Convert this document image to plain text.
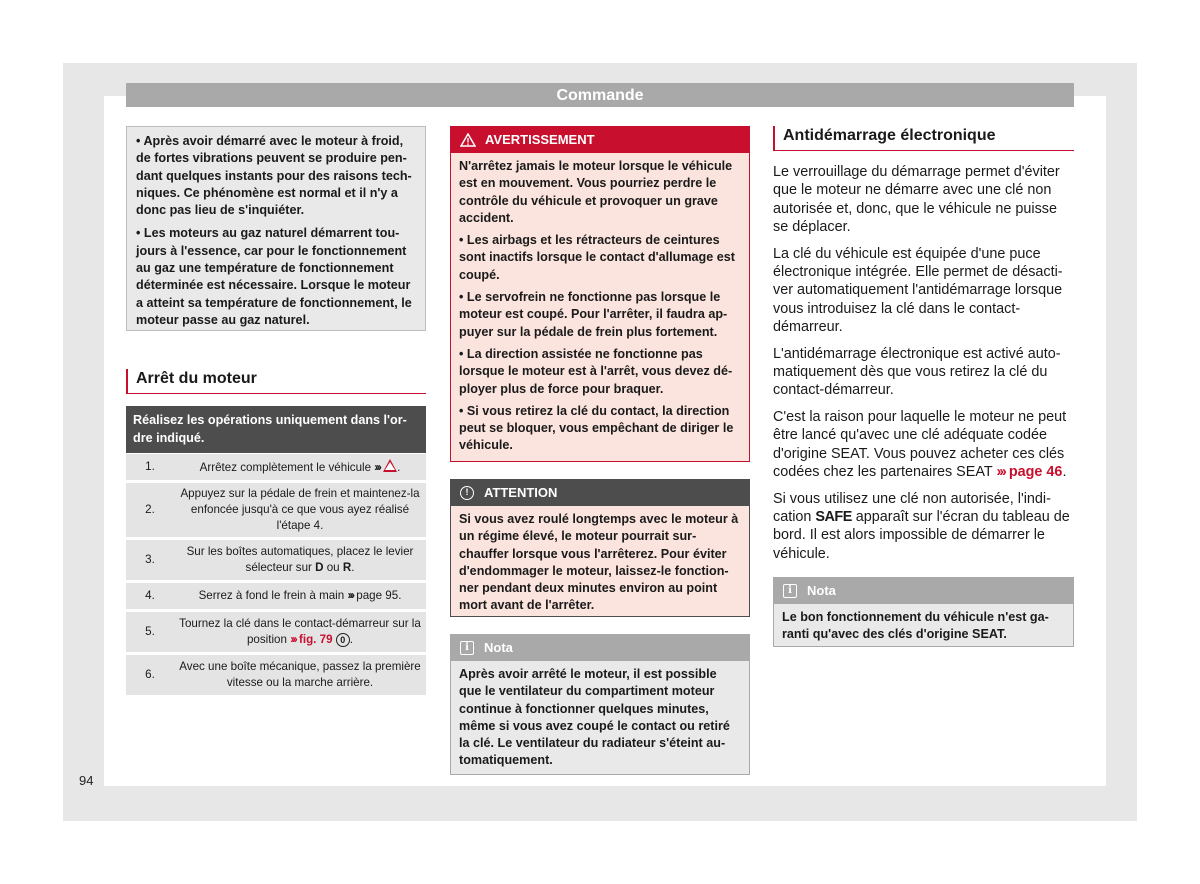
Commande

• Après avoir démarré avec le moteur à froid, de fortes vibrations peuvent se produire pendant quelques instants pour des raisons techniques. Ce phénomène est normal et il n'y a donc pas lieu de s'inquiéter.

• Les moteurs au gaz naturel démarrent toujours à l'essence, car pour le fonctionnement au gaz une température de fonctionnement déterminée est nécessaire. Lorsque le moteur a atteint sa température de fonctionnement, le moteur passe au gaz naturel.

Arrêt du moteur
Réalisez les opérations uniquement dans l'ordre indiqué.
1.	Arrêtez complètement le véhicule ››› .
2.	Appuyez sur la pédale de frein et maintenez-la enfoncée jusqu'à ce que vous ayez réalisé l'étape 4.
3.	Sur les boîtes automatiques, placez le levier sélecteur sur D ou R.
4.	Serrez à fond le frein à main ››› page 95.
5.	Tournez la clé dans le contact-démarreur sur la position ››› fig. 79 0 .
6.	Avec une boîte mécanique, passez la première vitesse ou la marche arrière.
AVERTISSEMENT

N'arrêtez jamais le moteur lorsque le véhicule est en mouvement. Vous pourriez perdre le contrôle du véhicule et provoquer un grave accident.

• Les airbags et les rétracteurs de ceintures sont inactifs lorsque le contact d'allumage est coupé.

• Le servofrein ne fonctionne pas lorsque le moteur est coupé. Pour l'arrêter, il faudra appuyer sur la pédale de frein plus fortement.

• La direction assistée ne fonctionne pas lorsque le moteur est à l'arrêt, vous devez déployer plus de force pour braquer.

• Si vous retirez la clé du contact, la direction peut se bloquer, vous empêchant de diriger le véhicule.

!	ATTENTION
Si vous avez roulé longtemps avec le moteur à un régime élevé, le moteur pourrait surchauffer lorsque vous l'arrêterez. Pour éviter d'endommager le moteur, laissez-le fonctionner pendant deux minutes environ au point mort avant de l'arrêter.
i	Nota
Après avoir arrêté le moteur, il est possible que le ventilateur du compartiment moteur continue à fonctionner quelques minutes, même si vous avez coupé le contact ou retiré la clé. Le ventilateur du radiateur s'éteint automatiquement.
Antidémarrage électronique

Le verrouillage du démarrage permet d'éviter que le moteur ne démarre avec une clé non autorisée et, donc, que le véhicule ne puisse se déplacer.

La clé du véhicule est équipée d'une puce électronique intégrée. Elle permet de désactiver automatiquement l'antidémarrage lorsque vous introduisez la clé dans le contact-démarreur.

L'antidémarrage électronique est activé automatiquement dès que vous retirez la clé du contact-démarreur.

C'est la raison pour laquelle le moteur ne peut être lancé qu'avec une clé adéquate codée d'origine SEAT. Vous pouvez acheter ces clés codées chez les partenaires SEAT ››› page 46.

Si vous utilisez une clé non autorisée, l'indication SAFE apparaît sur l'écran du tableau de bord. Il est alors impossible de démarrer le véhicule.

i	Nota
Le bon fonctionnement du véhicule n'est garanti qu'avec des clés d'origine SEAT.
94
